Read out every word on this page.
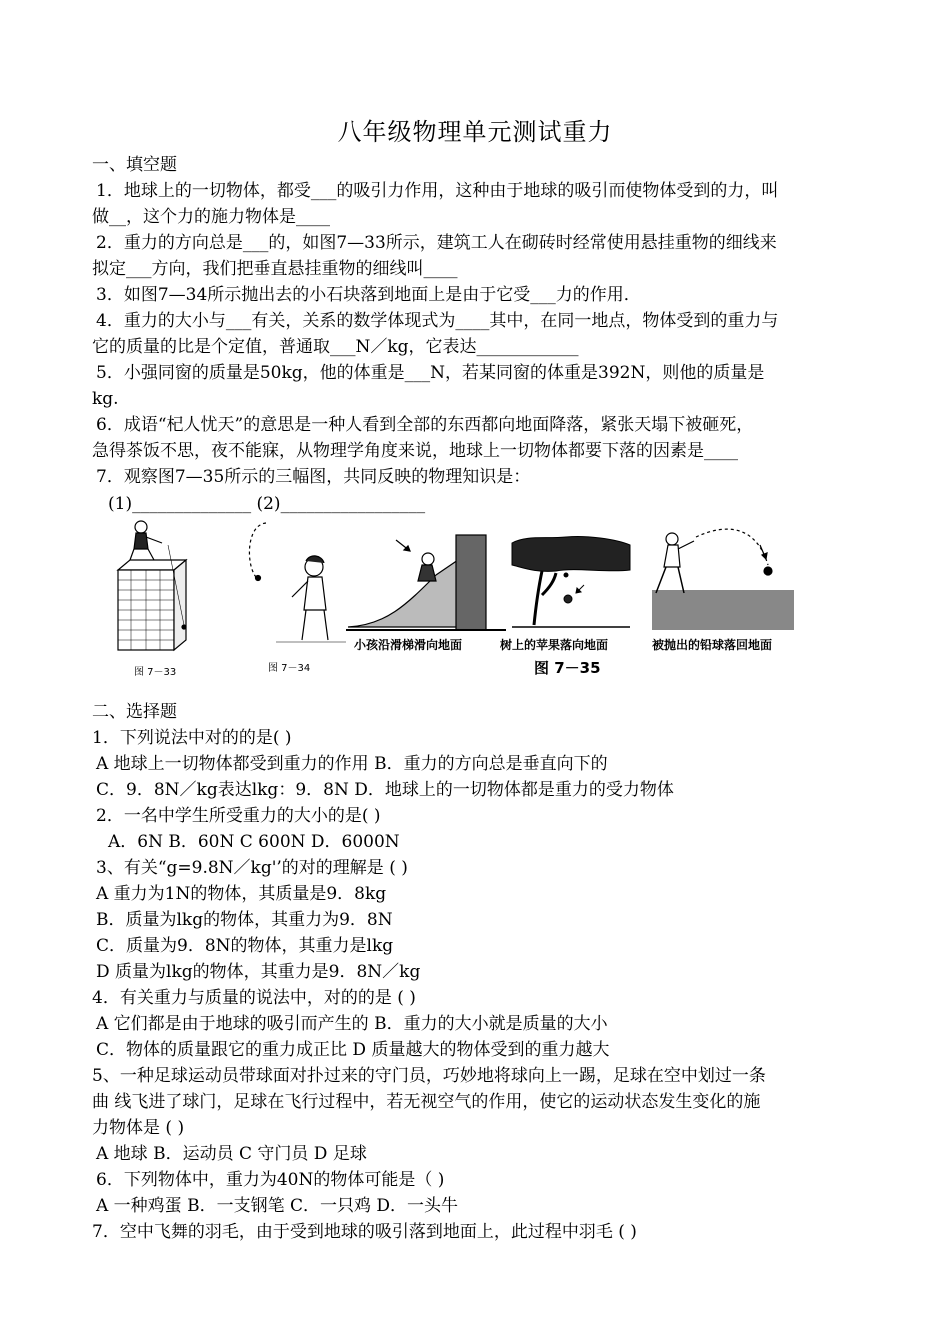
八年级物理单元测试重力
一、填空题
1．地球上的一切物体，都受___的吸引力作用，这种由于地球的吸引而使物体受到的力，叫
做__，这个力的施力物体是____
2．重力的方向总是___的，如图7—33所示，建筑工人在砌砖时经常使用悬挂重物的细线来
拟定___方向，我们把垂直悬挂重物的细线叫____
3．如图7—34所示抛出去的小石块落到地面上是由于它受___力的作用．
4．重力的大小与___有关，关系的数学体现式为____其中，在同一地点，物体受到的重力与
它的质量的比是个定值，普通取___N／kg，它表达____________
5．小强同窗的质量是50kg，他的体重是___N，若某同窗的体重是392N，则他的质量是
kg.
6．成语“杞人忧天”的意思是一种人看到全部的东西都向地面降落，紧张天塌下被砸死，
急得茶饭不思，夜不能寐，从物理学角度来说，地球上一切物体都要下落的因素是____
7．观察图7—35所示的三幅图，共同反映的物理知识是：
(1)______________ (2)_________________
图 7－33	图 7－34
小孩沿滑梯滑向地面	树上的苹果落向地面	被抛出的铅球落回地面
图 7－35
二、选择题
1．下列说法中对的的是( )
A 地球上一切物体都受到重力的作用 B．重力的方向总是垂直向下的
C．9．8N／kg表达lkg：9．8N D．地球上的一切物体都是重力的受力物体
2．一名中学生所受重力的大小的是( )
A．6N B．60N C 600N D．6000N
3、有关“g=9.8N／kg'’的对的理解是 ( )
A 重力为1N的物体，其质量是9．8kg
B．质量为lkg的物体，其重力为9．8N
C．质量为9．8N的物体，其重力是lkg
D 质量为lkg的物体，其重力是9．8N／kg
4．有关重力与质量的说法中，对的的是 ( )
A 它们都是由于地球的吸引而产生的 B．重力的大小就是质量的大小
C．物体的质量跟它的重力成正比 D 质量越大的物体受到的重力越大
5、一种足球运动员带球面对扑过来的守门员，巧妙地将球向上一踢，足球在空中划过一条
曲 线飞进了球门，足球在飞行过程中，若无视空气的作用，使它的运动状态发生变化的施
力物体是 ( )
A 地球 B．运动员 C 守门员 D 足球
6．下列物体中，重力为40N的物体可能是（ )
A 一种鸡蛋 B．一支钢笔 C．一只鸡 D．一头牛
7．空中飞舞的羽毛，由于受到地球的吸引落到地面上，此过程中羽毛 ( )
